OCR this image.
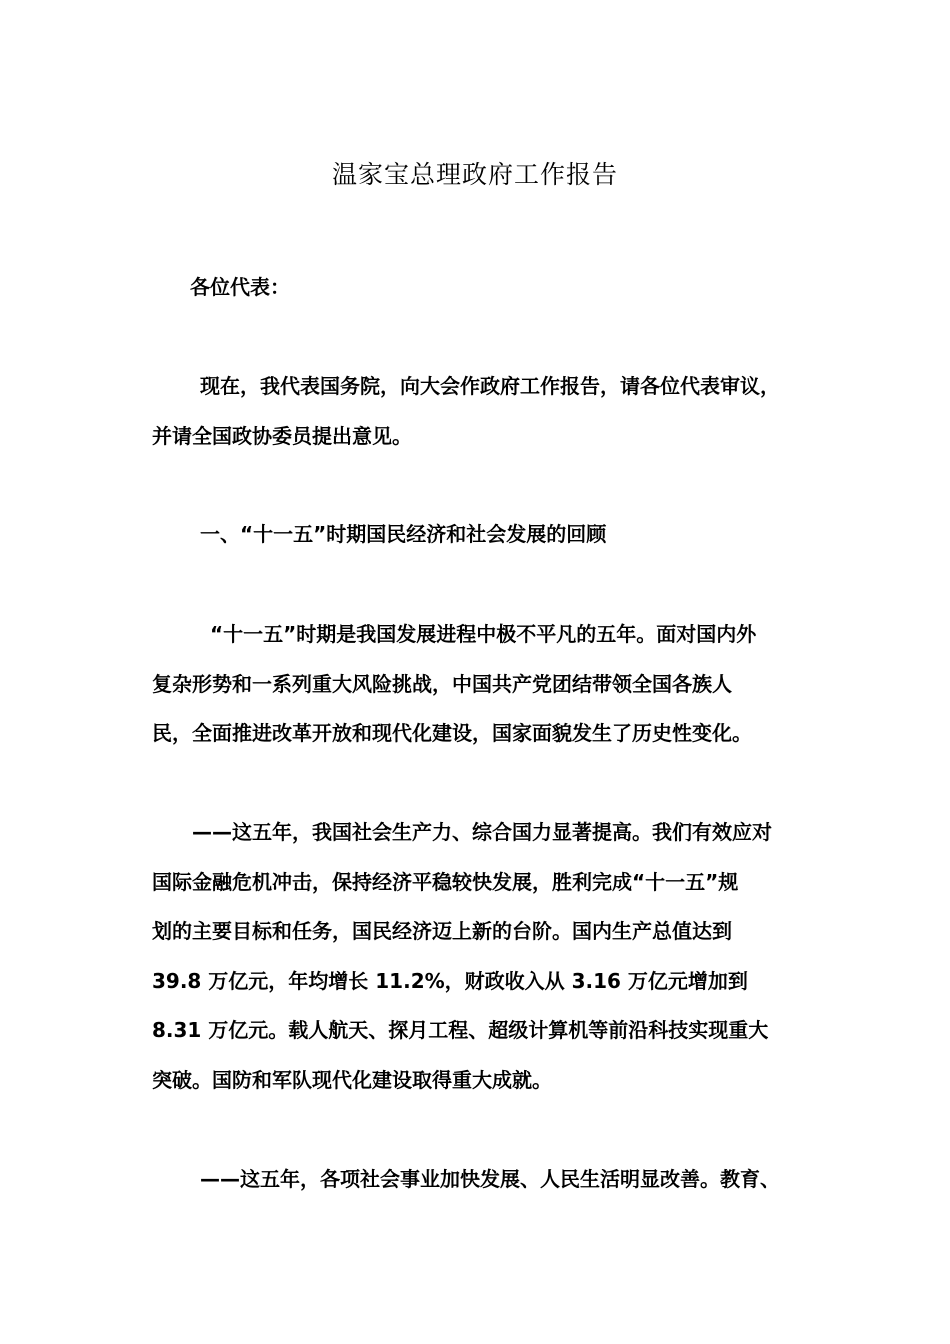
温家宝总理政府工作报告
各位代表：
现在，我代表国务院，向大会作政府工作报告，请各位代表审议，
并请全国政协委员提出意见。
一、“十一五”时期国民经济和社会发展的回顾
“十一五”时期是我国发展进程中极不平凡的五年。面对国内外
复杂形势和一系列重大风险挑战，中国共产党团结带领全国各族人
民，全面推进改革开放和现代化建设，国家面貌发生了历史性变化。
——这五年，我国社会生产力、综合国力显著提高。我们有效应对
国际金融危机冲击，保持经济平稳较快发展，胜利完成“十一五”规
划的主要目标和任务，国民经济迈上新的台阶。国内生产总值达到
39.8 万亿元，年均增长 11.2%，财政收入从 3.16 万亿元增加到
8.31 万亿元。载人航天、探月工程、超级计算机等前沿科技实现重大
突破。国防和军队现代化建设取得重大成就。
——这五年，各项社会事业加快发展、人民生活明显改善。教育、
